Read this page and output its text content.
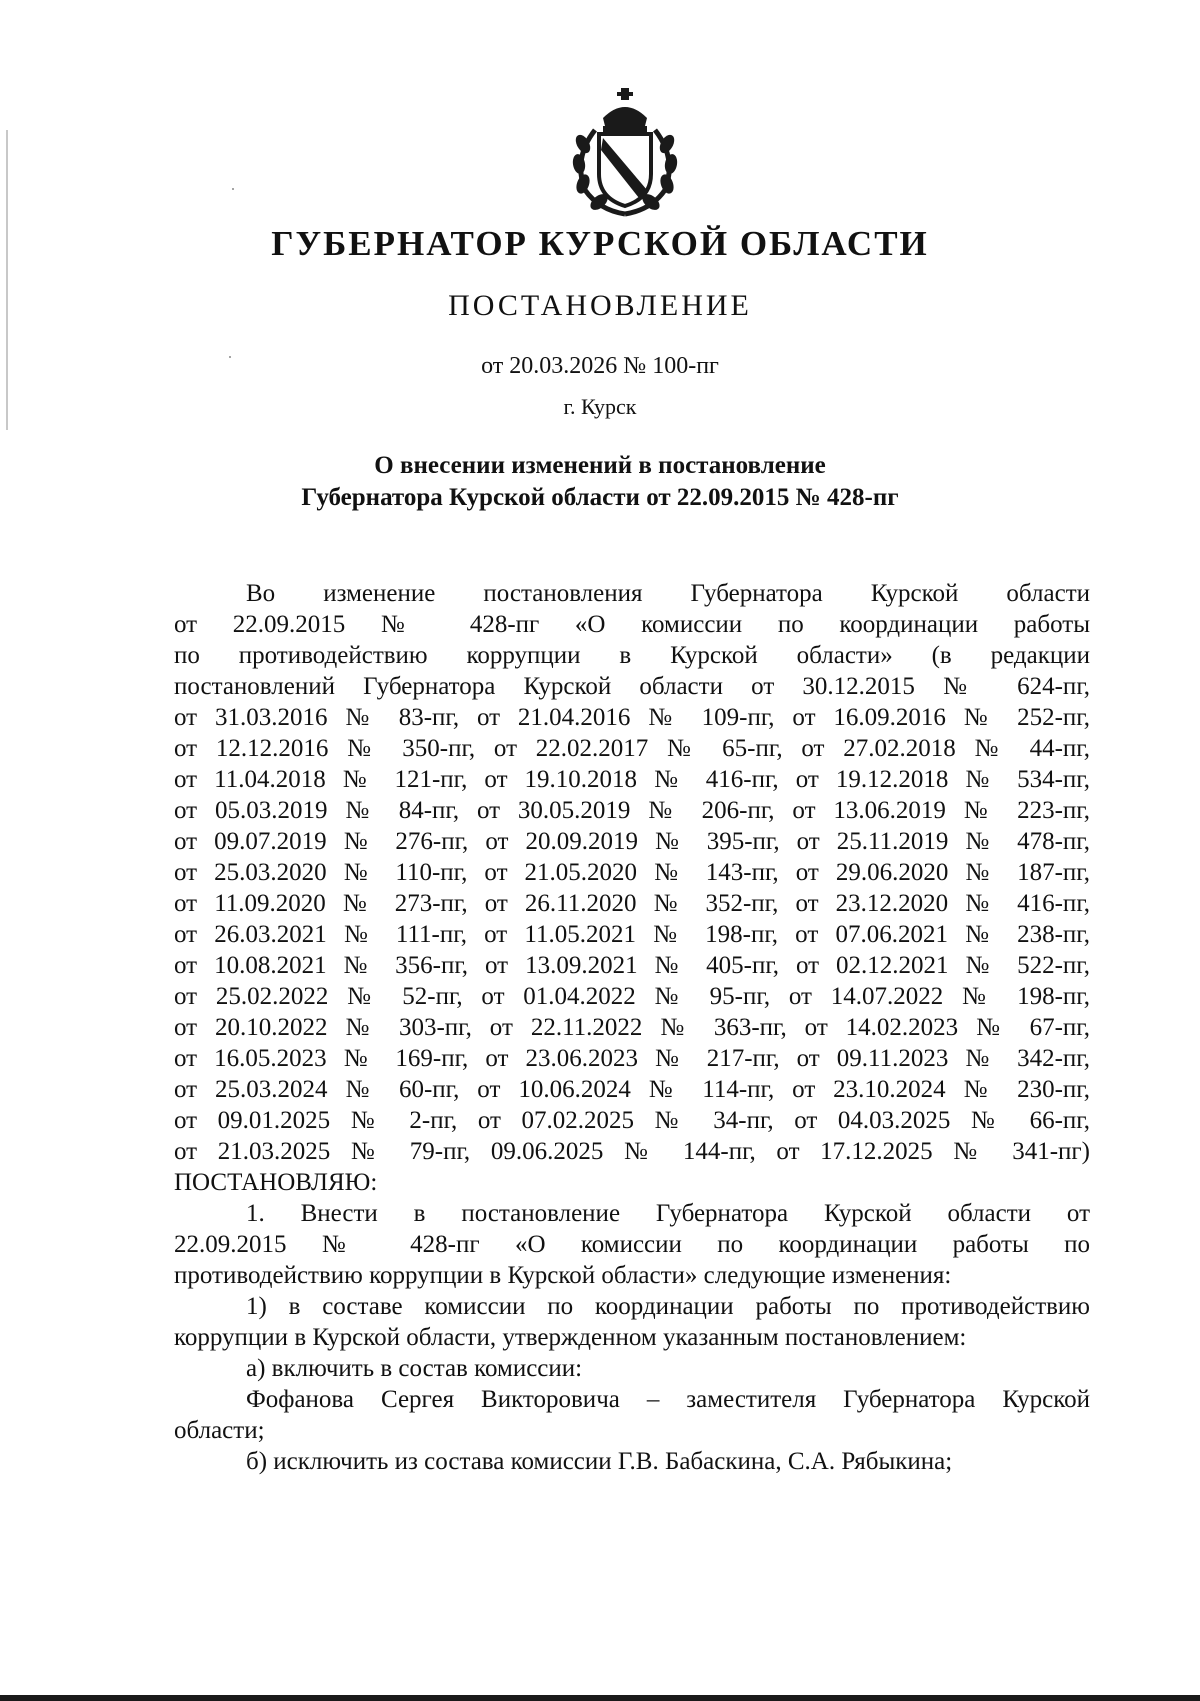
ГУБЕРНАТОР КУРСКОЙ ОБЛАСТИ
ПОСТАНОВЛЕНИЕ
от 20.03.2026 № 100-пг
г. Курск
О внесении изменений в постановление
Губернатора Курской области от 22.09.2015 № 428-пг
Во изменение постановления Губернатора Курской области
от 22.09.2015 № 428-пг «О комиссии по координации работы
по противодействию коррупции в Курской области» (в редакции
постановлений Губернатора Курской области от 30.12.2015 № 624-пг,
от 31.03.2016 № 83-пг, от 21.04.2016 № 109-пг, от 16.09.2016 № 252-пг,
от 12.12.2016 № 350-пг, от 22.02.2017 № 65-пг, от 27.02.2018 № 44-пг,
от 11.04.2018 № 121-пг, от 19.10.2018 № 416-пг, от 19.12.2018 № 534-пг,
от 05.03.2019 № 84-пг, от 30.05.2019 № 206-пг, от 13.06.2019 № 223-пг,
от 09.07.2019 № 276-пг, от 20.09.2019 № 395-пг, от 25.11.2019 № 478-пг,
от 25.03.2020 № 110-пг, от 21.05.2020 № 143-пг, от 29.06.2020 № 187-пг,
от 11.09.2020 № 273-пг, от 26.11.2020 № 352-пг, от 23.12.2020 № 416-пг,
от 26.03.2021 № 111-пг, от 11.05.2021 № 198-пг, от 07.06.2021 № 238-пг,
от 10.08.2021 № 356-пг, от 13.09.2021 № 405-пг, от 02.12.2021 № 522-пг,
от 25.02.2022 № 52-пг, от 01.04.2022 № 95-пг, от 14.07.2022 № 198-пг,
от 20.10.2022 № 303-пг, от 22.11.2022 № 363-пг, от 14.02.2023 № 67-пг,
от 16.05.2023 № 169-пг, от 23.06.2023 № 217-пг, от 09.11.2023 № 342-пг,
от 25.03.2024 № 60-пг, от 10.06.2024 № 114-пг, от 23.10.2024 № 230-пг,
от 09.01.2025 № 2-пг, от 07.02.2025 № 34-пг, от 04.03.2025 № 66-пг,
от 21.03.2025 № 79-пг, 09.06.2025 № 144-пг, от 17.12.2025 № 341-пг)
ПОСТАНОВЛЯЮ:
1. Внести в постановление Губернатора Курской области от
22.09.2015 № 428-пг «О комиссии по координации работы по
противодействию коррупции в Курской области» следующие изменения:
1) в составе комиссии по координации работы по противодействию
коррупции в Курской области, утвержденном указанным постановлением:
а) включить в состав комиссии:
Фофанова Сергея Викторовича – заместителя Губернатора Курской
области;
б) исключить из состава комиссии Г.В. Бабаскина, С.А. Рябыкина;
